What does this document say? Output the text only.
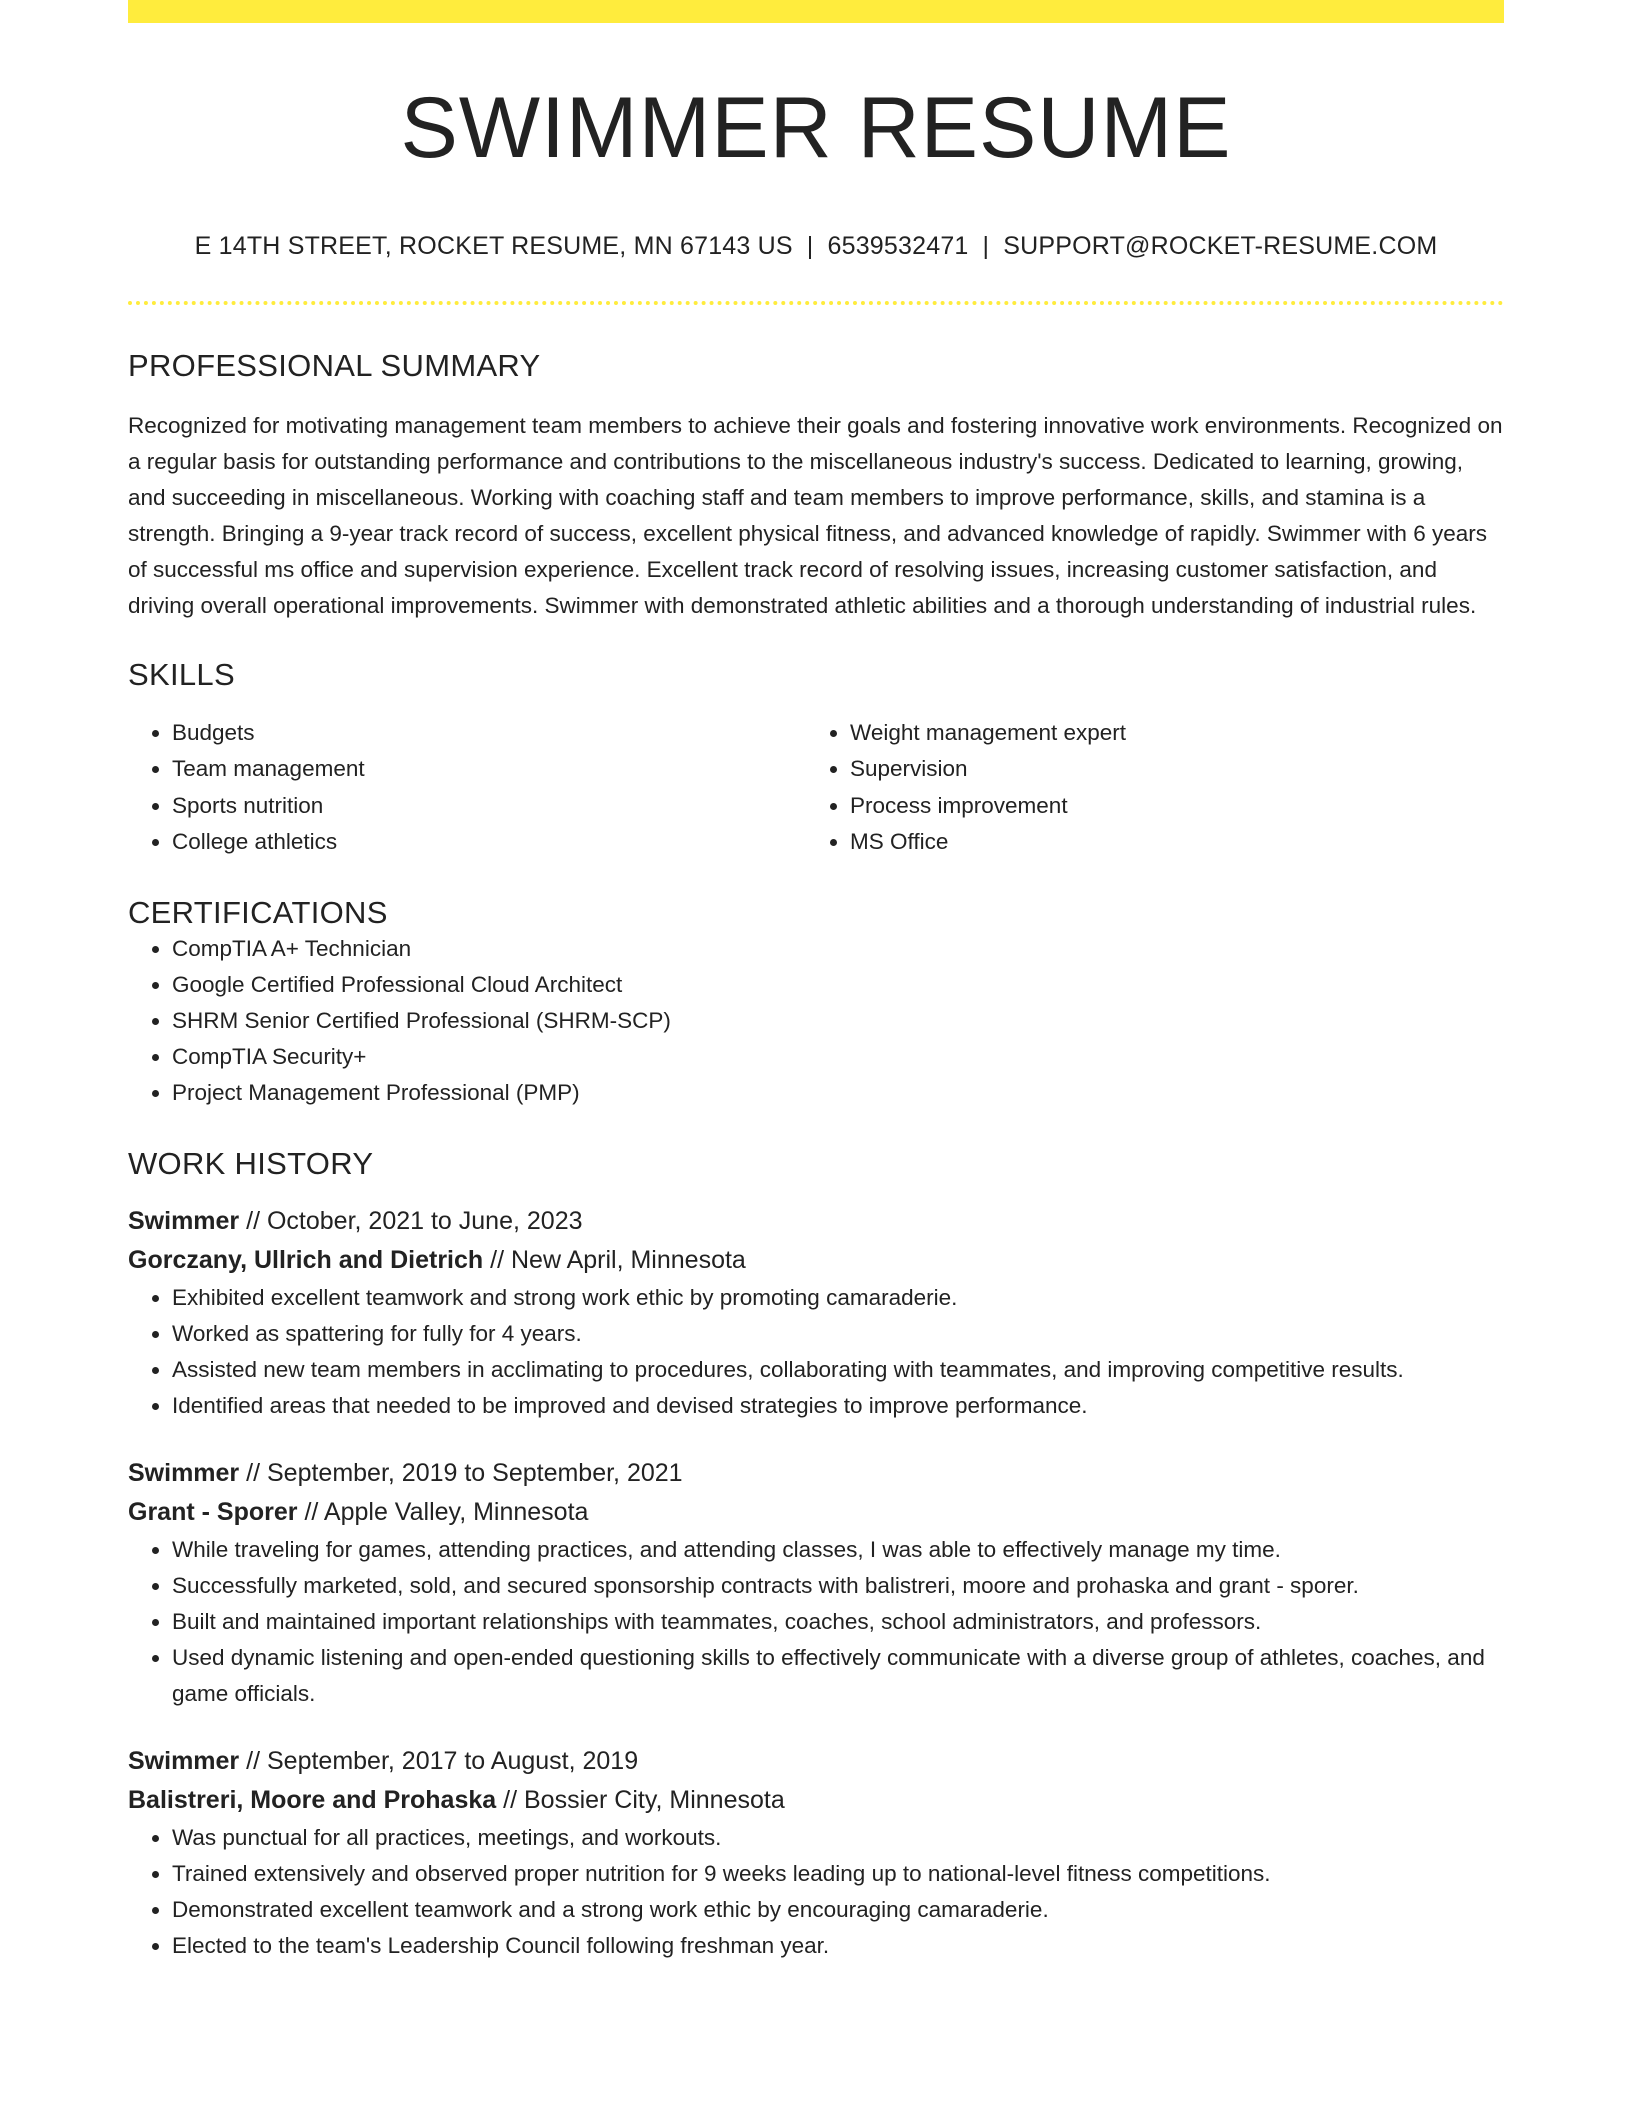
SWIMMER RESUME
E 14TH STREET, ROCKET RESUME, MN 67143 US | 6539532471 | SUPPORT@ROCKET-RESUME.COM
PROFESSIONAL SUMMARY
Recognized for motivating management team members to achieve their goals and fostering innovative work environments. Recognized on a regular basis for outstanding performance and contributions to the miscellaneous industry's success. Dedicated to learning, growing, and succeeding in miscellaneous. Working with coaching staff and team members to improve performance, skills, and stamina is a strength. Bringing a 9-year track record of success, excellent physical fitness, and advanced knowledge of rapidly. Swimmer with 6 years of successful ms office and supervision experience. Excellent track record of resolving issues, increasing customer satisfaction, and driving overall operational improvements. Swimmer with demonstrated athletic abilities and a thorough understanding of industrial rules.
SKILLS
• Budgets
• Team management
• Sports nutrition
• College athletics
• Weight management expert
• Supervision
• Process improvement
• MS Office
CERTIFICATIONS
• CompTIA A+ Technician
• Google Certified Professional Cloud Architect
• SHRM Senior Certified Professional (SHRM-SCP)
• CompTIA Security+
• Project Management Professional (PMP)
WORK HISTORY
Swimmer // October, 2021 to June, 2023
Gorczany, Ullrich and Dietrich // New April, Minnesota
• Exhibited excellent teamwork and strong work ethic by promoting camaraderie.
• Worked as spattering for fully for 4 years.
• Assisted new team members in acclimating to procedures, collaborating with teammates, and improving competitive results.
• Identified areas that needed to be improved and devised strategies to improve performance.
Swimmer // September, 2019 to September, 2021
Grant - Sporer // Apple Valley, Minnesota
• While traveling for games, attending practices, and attending classes, I was able to effectively manage my time.
• Successfully marketed, sold, and secured sponsorship contracts with balistreri, moore and prohaska and grant - sporer.
• Built and maintained important relationships with teammates, coaches, school administrators, and professors.
• Used dynamic listening and open-ended questioning skills to effectively communicate with a diverse group of athletes, coaches, and game officials.
Swimmer // September, 2017 to August, 2019
Balistreri, Moore and Prohaska // Bossier City, Minnesota
• Was punctual for all practices, meetings, and workouts.
• Trained extensively and observed proper nutrition for 9 weeks leading up to national-level fitness competitions.
• Demonstrated excellent teamwork and a strong work ethic by encouraging camaraderie.
• Elected to the team's Leadership Council following freshman year.
